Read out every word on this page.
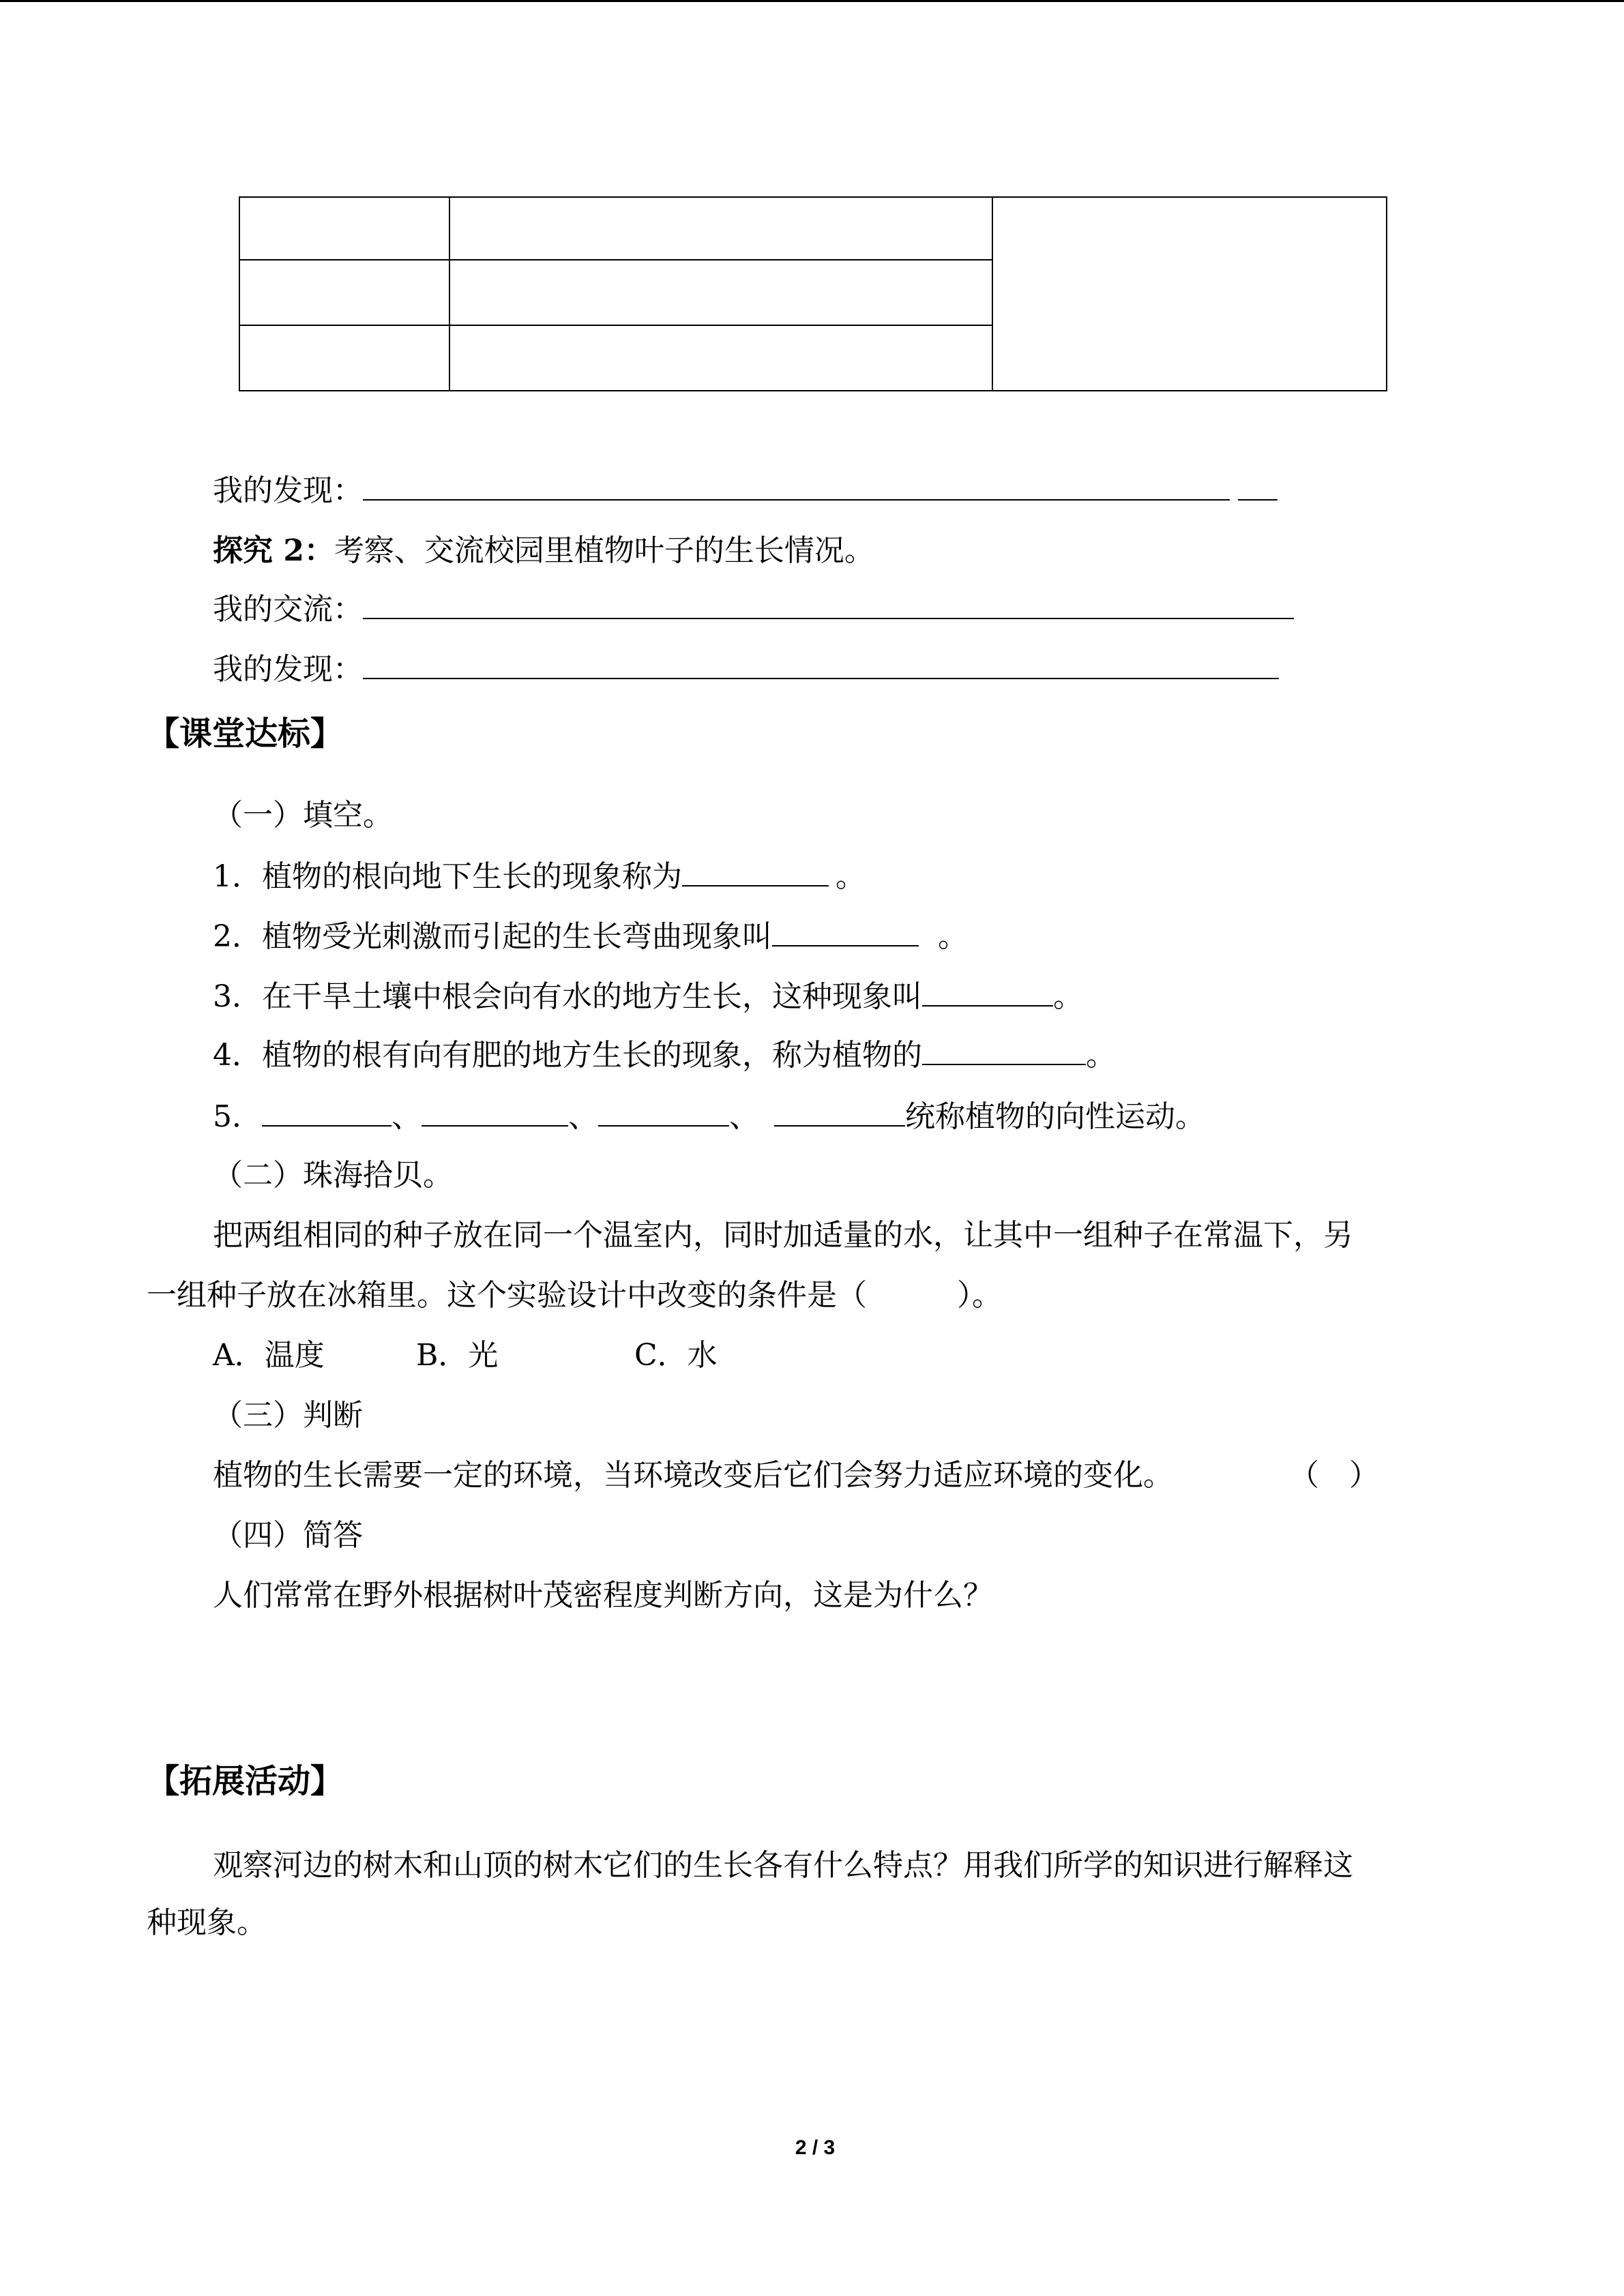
我的发现：
探究 2：考察、交流校园里植物叶子的生长情况。
我的交流：
我的发现：
【课堂达标】
（一）填空。
1．植物的根向地下生长的现象称为	。
2．植物受光刺激而引起的生长弯曲现象叫	。
3．在干旱土壤中根会向有水的地方生长，这种现象叫	。
4．植物的根有向有肥的地方生长的现象，称为植物的	。
5．	、	、	、	统称植物的向性运动。
（二）珠海拾贝。
把两组相同的种子放在同一个温室内，同时加适量的水，让其中一组种子在常温下，另
一组种子放在冰箱里。这个实验设计中改变的条件是（　　　）。
A．温度	B．光	C．水
（三）判断
植物的生长需要一定的环境，当环境改变后它们会努力适应环境的变化。	（　）
（四）简答
人们常常在野外根据树叶茂密程度判断方向，这是为什么？
【拓展活动】
观察河边的树木和山顶的树木它们的生长各有什么特点？用我们所学的知识进行解释这
种现象。
2 / 3
